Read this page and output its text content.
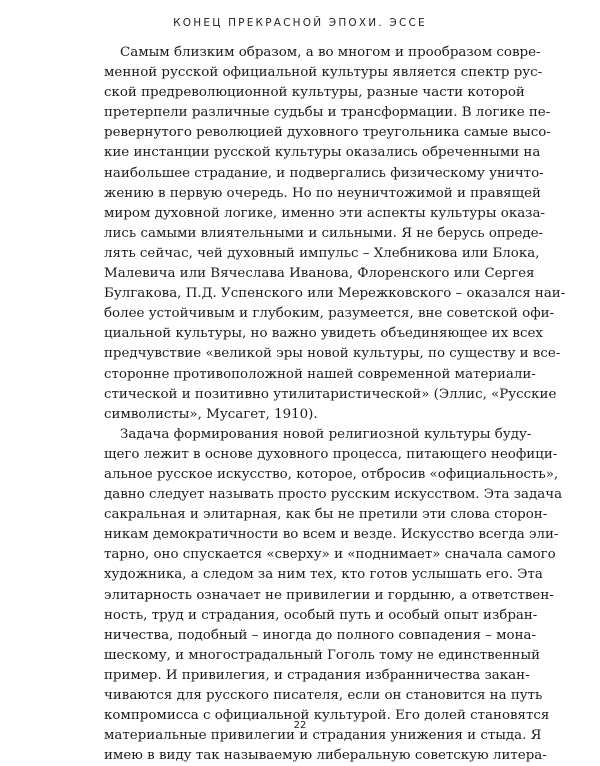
КОНЕЦ ПРЕКРАСНОЙ ЭПОХИ. ЭССЕ
Самым близким образом, а во многом и прообразом совре-
менной русской официальной культуры является спектр рус-
ской предреволюционной культуры, разные части которой
претерпели различные судьбы и трансформации. В логике пе-
ревернутого революцией духовного треугольника самые высо-
кие инстанции русской культуры оказались обреченными на
наибольшее страдание, и подвергались физическому уничто-
жению в первую очередь. Но по неуничтожимой и правящей
миром духовной логике, именно эти аспекты культуры оказа-
лись самыми влиятельными и сильными. Я не берусь опреде-
лять сейчас, чей духовный импульс – Хлебникова или Блока,
Малевича или Вячеслава Иванова, Флоренского или Сергея
Булгакова, П.Д. Успенского или Мережковского – оказался наи-
более устойчивым и глубоким, разумеется, вне советской офи-
циальной культуры, но важно увидеть объединяющее их всех
предчувствие «великой эры новой культуры, по существу и все-
сторонне противоположной нашей современной материали-
стической и позитивно утилитаристической» (Эллис, «Русские
символисты», Мусагет, 1910).
Задача формирования новой религиозной культуры буду-
щего лежит в основе духовного процесса, питающего неофици-
альное русское искусство, которое, отбросив «официальность»,
давно следует называть просто русским искусством. Эта задача
сакральная и элитарная, как бы не претили эти слова сторон-
никам демократичности во всем и везде. Искусство всегда эли-
тарно, оно спускается «сверху» и «поднимает» сначала самого
художника, а следом за ним тех, кто готов услышать его. Эта
элитарность означает не привилегии и гордыню, а ответствен-
ность, труд и страдания, особый путь и особый опыт избран-
ничества, подобный – иногда до полного совпадения – мона-
шескому, и многострадальный Гоголь тому не единственный
пример. И привилегия, и страдания избранничества закан-
чиваются для русского писателя, если он становится на путь
компромисса с официальной культурой. Его долей становятся
материальные привилегии и страдания унижения и стыда. Я
имею в виду так называемую либеральную советскую литера-
22
